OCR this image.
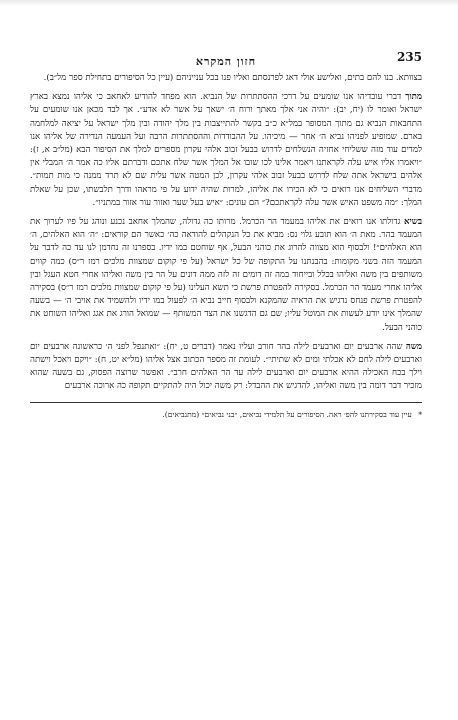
235
חזון המקרא

בצוותא. בנו להם בתים, ואלישע אולי דאג לפרנסתם ואליו פנו בכל ענייניהם (עיין כל הסיפורים בתחילת ספר מל״ב).

מתוך דברי עובדיהו אנו שומעים על דרכי ההסתתרות של הנביא. הוא מפחד להודיע לאחאב כי אליהו נמצא בארץ ישראל ואומר לו (יח, יב): ״והיה אני אלך מאתך ורוח ה׳ ישאך על אשר לא אדע״. אך לבד מכאן אנו שומעים על התחבאות הנביא גם מתוך המסופר במל״א כ״ב בקשר להתייצבות בין מלך יהודה ובין מלך ישראל על יציאה למלחמה בארם. שמופיע לפניהו נביא ה׳ אחר — מיכיהו. על ההבודדות וההסתתרות הרבה ועל העמעה הנדירה של אליהו אנו למדים עוד מזה ששליחי אחזיה הנשלחים לדרוש בבעל זבוב אלהי עקרון מספרים למלך את הסיפור הבא (מל״ב א, ז): ״ויאמרו אליו איש עלה לקראתנו ויאמר אלינו לכו שובו אל המלך אשר שלח אתכם ודברתם אליו כה אמר ה׳ המבלי אין אלהים בישראל אתה שלח לדרוש בבעל זבוב אלהי עקרון, לכן המטה אשר עלית שם לא תרד ממנה כי מות תמות״. מדברי השליחים אנו רואים כי לא הכירו את אליהו, למרות שהיה ידוע על פי מראהו ודרך תלבשתו, שכן על שאלת המלך: ״מה משפט האיש אשר עלה לקראתכם?״ הם עונים: ״איש בעל שער ואזור עור אזור במתניו״.

בשיא גדולתו אנו רואים את אליהו במעמד הר הכרמל. מרותו כה גדולה, שהמלך אחאב נכנע ונוהג על פיו לערוך את המעמד בהר. מאת ה׳ הוא תובע גלוי נס: מביא את כל הנקהלים להודאה כה׳ כאשר הם קוראים: ״ה׳ הוא האלהים, ה׳ הוא האלהים״! ולבסוף הוא מצווה להרוג את כוהני הבעל, אף שוחטם במו ידיו. בספרנו זה נחדמן לנו עד כה לדבר על המעמד הזה בשני מקומות: בהבנתנו על התקופה של כל ישראל (על פי קוקום שמצוות מלכים רמז ר״ס) כמה קווים משותפים בין משה ואליהו בכלל ובייחוד במה זה דומים זה לזה ממה דונים על הר בין משה ואליהו אחרי חטא העגל ובין אליהו אחרי מעמד הר הכרמל. בסקירה להפטרת פרשת כי תשא העלינו (על פי קוקום שמצוות מלכים רמז ר״ס) בסקירה להפטרת פרשת פנחס נדגיש את הראיה שהמקנא ולבסוף חייב נביא ה׳ לפעול במו ידיו ולהשמיד את אויבי ה׳ — בשעה שהמלך אינו יודע לעשות את המוטל עליו; שם גם הדגשנו את הצד המשותף — שמואל הורג את אגג ואליהו השוחט את כוהני הבעל.

משה שהה ארבעים יום וארבעים לילה בהר חורב ועליו נאמר (דברים ט, יח): ״ואתנפל לפני ה׳ כראשונה ארבעים יום וארבעים לילה לחם לא אכלתי ומים לא שתיתי״. לעומת זה מספר הכתוב אצל אליהו (מל״א יט, ח): ״ויקם ויאכל וישתה וילך בכח האכילה ההיא ארבעים יום וארבעים לילה עד הר האלהים חרב״. ואפשר שרוצה הפסוק, גם בשעה שהוא מזכיר דבר דומה בין משה ואליהו, להדגיש את ההבדל: רק משה יכול היה להתקיים תקופה כה ארוכה ארבעים

* עיין עוד בסקירתנו להפ׳ ראה. הסיפורים על תלמידי נביאים, ״בני נביאים״ (מתנביאים).
